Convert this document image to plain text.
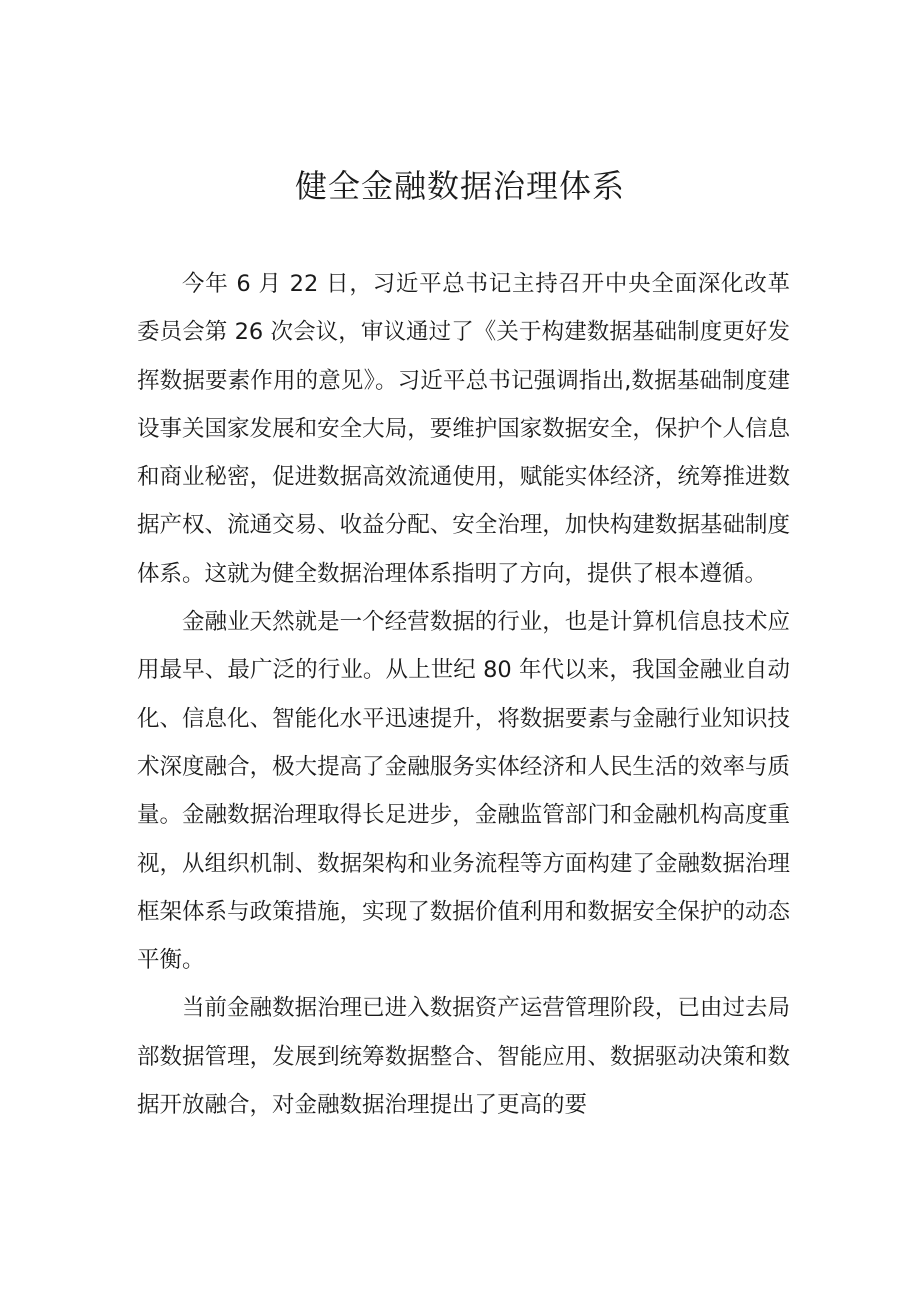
健全金融数据治理体系

今年 6 月 22 日，习近平总书记主持召开中央全面深化改革委员会第 26 次会议，审议通过了《关于构建数据基础制度更好发挥数据要素作用的意见》。习近平总书记强调指出,数据基础制度建设事关国家发展和安全大局，要维护国家数据安全，保护个人信息和商业秘密，促进数据高效流通使用，赋能实体经济，统筹推进数据产权、流通交易、收益分配、安全治理，加快构建数据基础制度体系。这就为健全数据治理体系指明了方向，提供了根本遵循。

金融业天然就是一个经营数据的行业，也是计算机信息技术应用最早、最广泛的行业。从上世纪 80 年代以来，我国金融业自动化、信息化、智能化水平迅速提升，将数据要素与金融行业知识技术深度融合，极大提高了金融服务实体经济和人民生活的效率与质量。金融数据治理取得长足进步，金融监管部门和金融机构高度重视，从组织机制、数据架构和业务流程等方面构建了金融数据治理框架体系与政策措施，实现了数据价值利用和数据安全保护的动态平衡。

当前金融数据治理已进入数据资产运营管理阶段，已由过去局部数据管理，发展到统筹数据整合、智能应用、数据驱动决策和数据开放融合，对金融数据治理提出了更高的要
